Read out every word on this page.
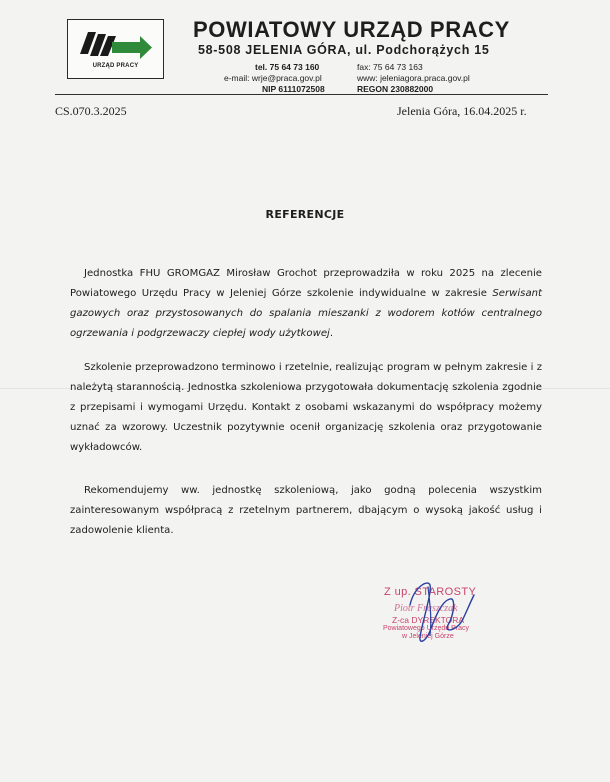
URZĄD PRACY
POWIATOWY URZĄD PRACY
58-508 JELENIA GÓRA, ul. Podchorążych 15
tel. 75 64 73 160
e-mail: wrje@praca.gov.pl
NIP 6111072508
fax: 75 64 73 163
www: jeleniagora.praca.gov.pl
REGON 230882000
CS.070.3.2025	Jelenia Góra, 16.04.2025 r.
REFERENCJE

Jednostka FHU GROMGAZ Mirosław Grochot przeprowadziła w roku 2025 na zlecenie Powiatowego Urzędu Pracy w Jeleniej Górze szkolenie indywidualne w zakresie Serwisant gazowych oraz przystosowanych do spalania mieszanki z wodorem kotłów centralnego ogrzewania i podgrzewaczy ciepłej wody użytkowej.

Szkolenie przeprowadzono terminowo i rzetelnie, realizując program w pełnym zakresie i z należytą starannością. Jednostka szkoleniowa przygotowała dokumentację szkolenia zgodnie z przepisami i wymogami Urzędu. Kontakt z osobami wskazanymi do współpracy możemy uznać za wzorowy. Uczestnik pozytywnie ocenił organizację szkolenia oraz przygotowanie wykładowców.

Rekomendujemy ww. jednostkę szkoleniową, jako godną polecenia wszystkim zainteresowanym współpracą z rzetelnym partnerem, dbającym o wysoką jakość usług i zadowolenie klienta.

Z up. STAROSTY
Piotr Fraszczak
Z-ca DYREKTORA
Powiatowego Urzędu Pracy
w Jeleniej Górze
